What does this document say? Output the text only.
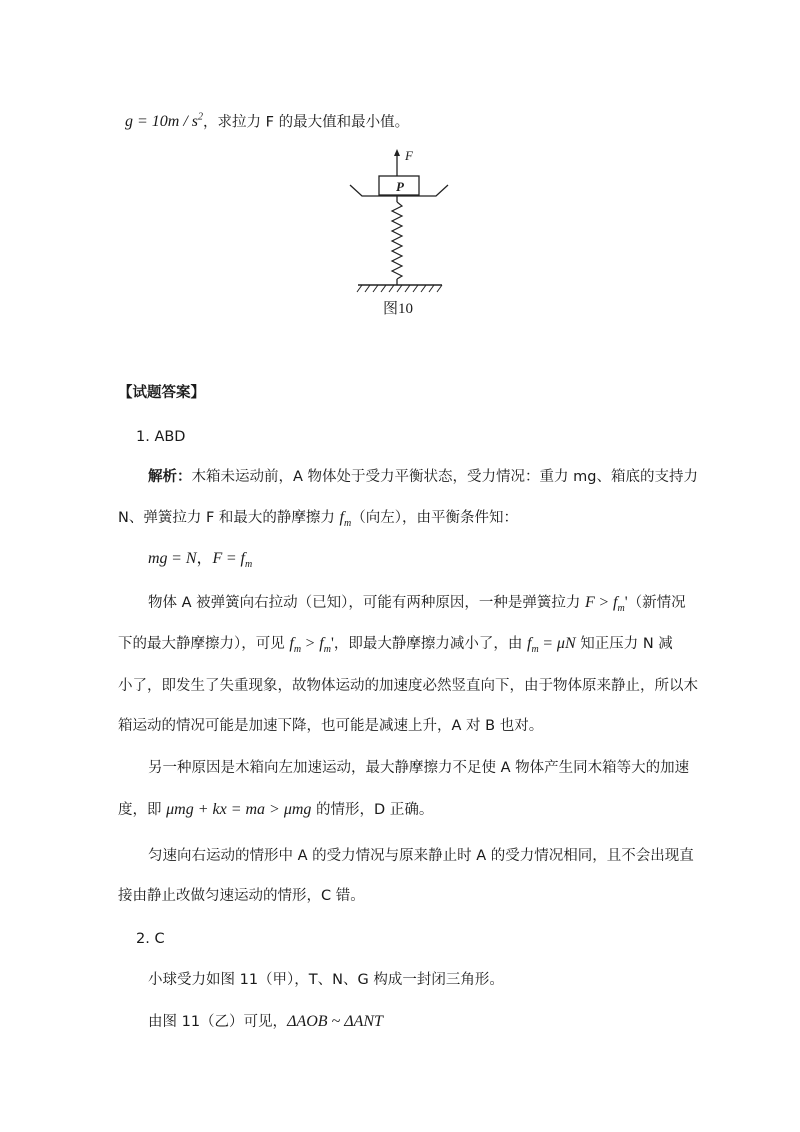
$g = 10m / s^2$，求拉力 F 的最大值和最小值。
F
P
图10
【试题答案】
1. ABD
解析：木箱未运动前，A 物体处于受力平衡状态，受力情况：重力 mg、箱底的支持力
N、弹簧拉力 F 和最大的静摩擦力 $f_m$（向左），由平衡条件知：
mg = N，$F = f_m$
物体 A 被弹簧向右拉动（已知），可能有两种原因，一种是弹簧拉力 $F > f_m'$（新情况
下的最大静摩擦力），可见 $f_m > f_m'$，即最大静摩擦力减小了，由 $f_m = \mu N$ 知正压力 N 减
小了，即发生了失重现象，故物体运动的加速度必然竖直向下，由于物体原来静止，所以木
箱运动的情况可能是加速下降，也可能是减速上升，A 对 B 也对。
另一种原因是木箱向左加速运动，最大静摩擦力不足使 A 物体产生同木箱等大的加速
度，即 μmg + kx = ma > μmg 的情形，D 正确。
匀速向右运动的情形中 A 的受力情况与原来静止时 A 的受力情况相同，且不会出现直
接由静止改做匀速运动的情形，C 错。
2. C
小球受力如图 11（甲），T、N、G 构成一封闭三角形。
由图 11（乙）可见，ΔAOB ~ ΔANT
